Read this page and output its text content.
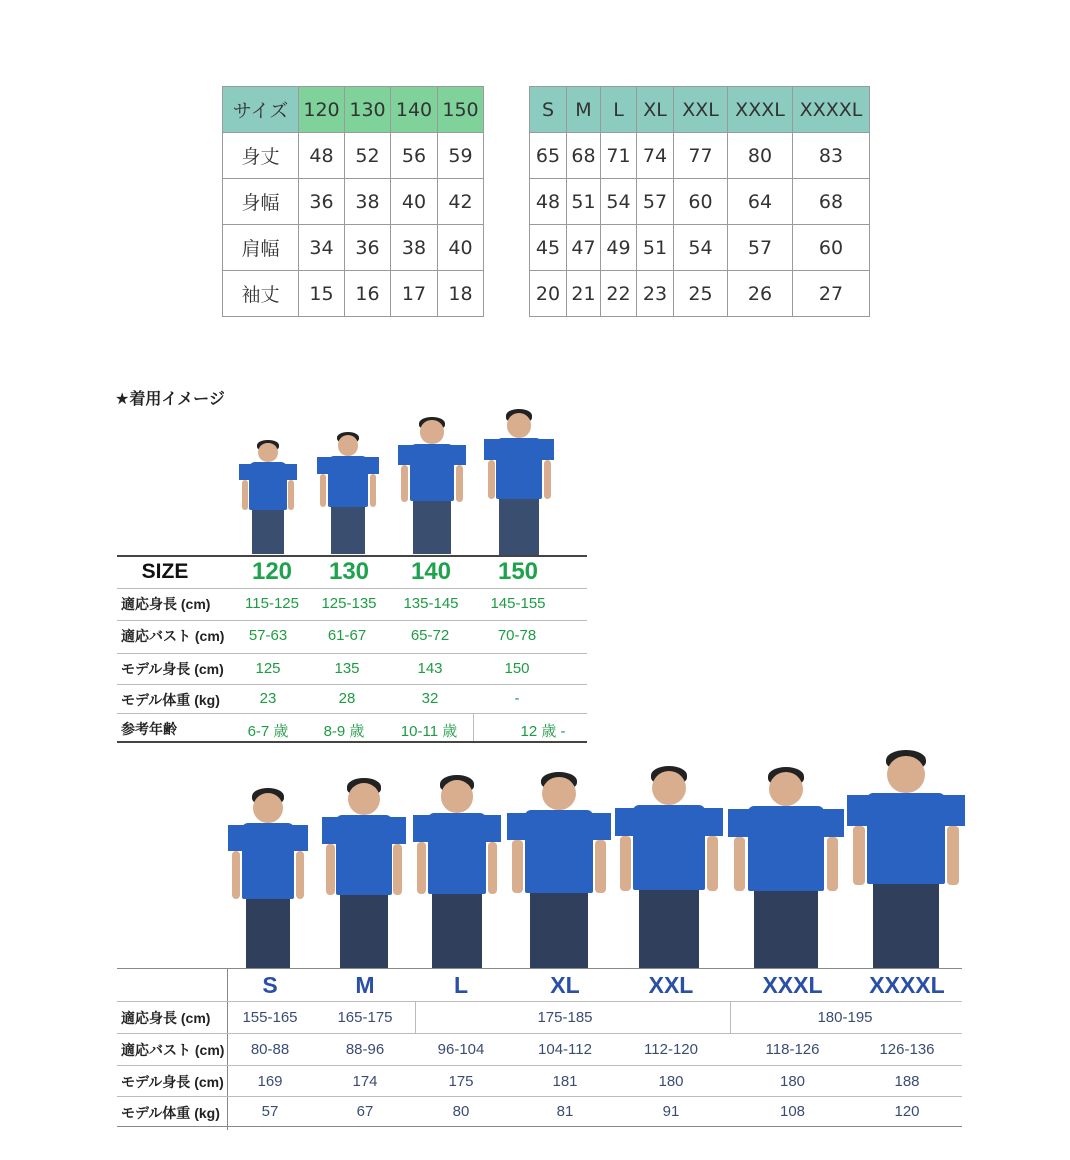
サイズ	120	130	140	150
身丈	48	52	56	59
身幅	36	38	40	42
肩幅	34	36	38	40
袖丈	15	16	17	18
S	M	L	XL	XXL	XXXL	XXXXL
65	68	71	74	77	80	83
48	51	54	57	60	64	68
45	47	49	51	54	57	60
20	21	22	23	25	26	27
★着用イメージ
SIZE	120	130	140	150
適応身長 (cm)	115-125	125-135	135-145	145-155
適応バスト (cm)	57-63	61-67	65-72	70-78
モデル身長 (cm)	125	135	143	150
モデル体重 (kg)	23	28	32	-
参考年齢	6-7 歳	8-9 歳	10-11 歳	12 歳 -
S	M	L	XL	XXL	XXXL	XXXXL
適応身長 (cm)	155-165	165-175	175-185	180-195
適応バスト (cm)	80-88	88-96	96-104	104-112	112-120	118-126	126-136
モデル身長 (cm)	169	174	175	181	180	180	188
モデル体重 (kg)	57	67	80	81	91	108	120
